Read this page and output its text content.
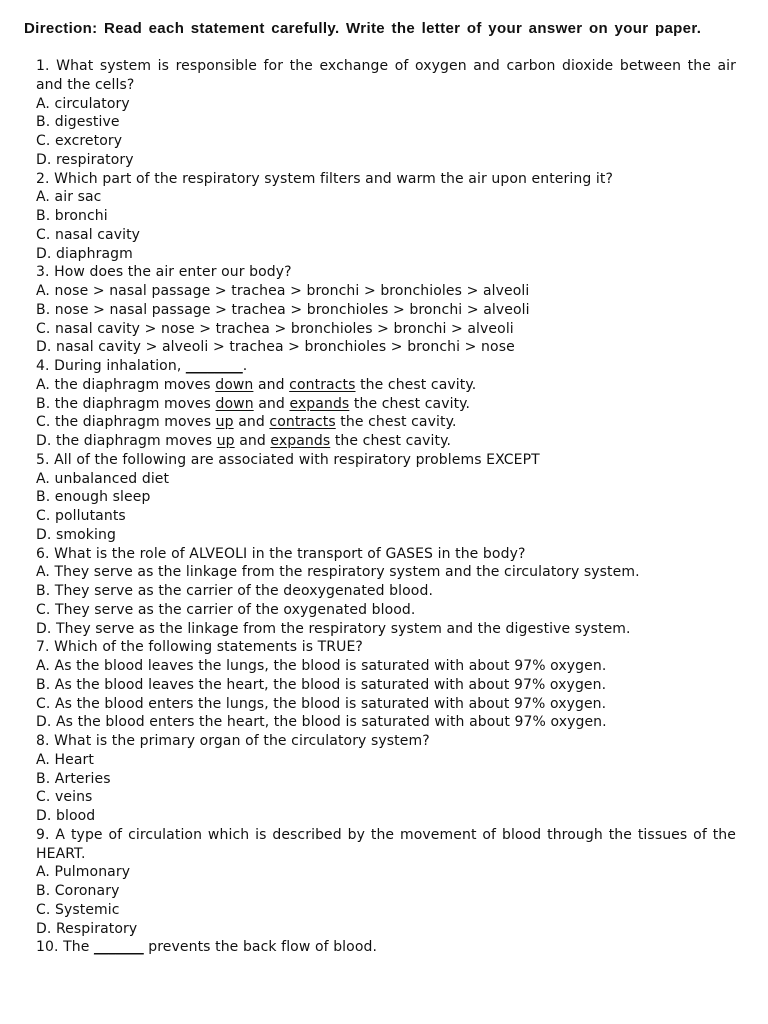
Direction: Read each statement carefully. Write the letter of your answer on your paper.
1. What system is responsible for the exchange of oxygen and carbon dioxide between the air and the cells?
A. circulatory
B. digestive
C. excretory
D. respiratory
2. Which part of the respiratory system filters and warm the air upon entering it?
A. air sac
B. bronchi
C. nasal cavity
D. diaphragm
3. How does the air enter our body?
A. nose > nasal passage > trachea > bronchi > bronchioles > alveoli
B. nose > nasal passage > trachea > bronchioles > bronchi > alveoli
C. nasal cavity > nose > trachea > bronchioles > bronchi > alveoli
D. nasal cavity > alveoli > trachea > bronchioles > bronchi > nose
4. During inhalation, ________.
A. the diaphragm moves down and contracts the chest cavity.
B. the diaphragm moves down and expands the chest cavity.
C. the diaphragm moves up and contracts the chest cavity.
D. the diaphragm moves up and expands the chest cavity.
5. All of the following are associated with respiratory problems EXCEPT
A. unbalanced diet
B. enough sleep
C. pollutants
D. smoking
6. What is the role of ALVEOLI in the transport of GASES in the body?
A. They serve as the linkage from the respiratory system and the circulatory system.
B. They serve as the carrier of the deoxygenated blood.
C. They serve as the carrier of the oxygenated blood.
D. They serve as the linkage from the respiratory system and the digestive system.
7. Which of the following statements is TRUE?
A. As the blood leaves the lungs, the blood is saturated with about 97% oxygen.
B. As the blood leaves the heart, the blood is saturated with about 97% oxygen.
C. As the blood enters the lungs, the blood is saturated with about 97% oxygen.
D. As the blood enters the heart, the blood is saturated with about 97% oxygen.
8. What is the primary organ of the circulatory system?
A. Heart
B. Arteries
C. veins
D. blood
9. A type of circulation which is described by the movement of blood through the tissues of the HEART.
A. Pulmonary
B. Coronary
C. Systemic
D. Respiratory
10. The _______ prevents the back flow of blood.
